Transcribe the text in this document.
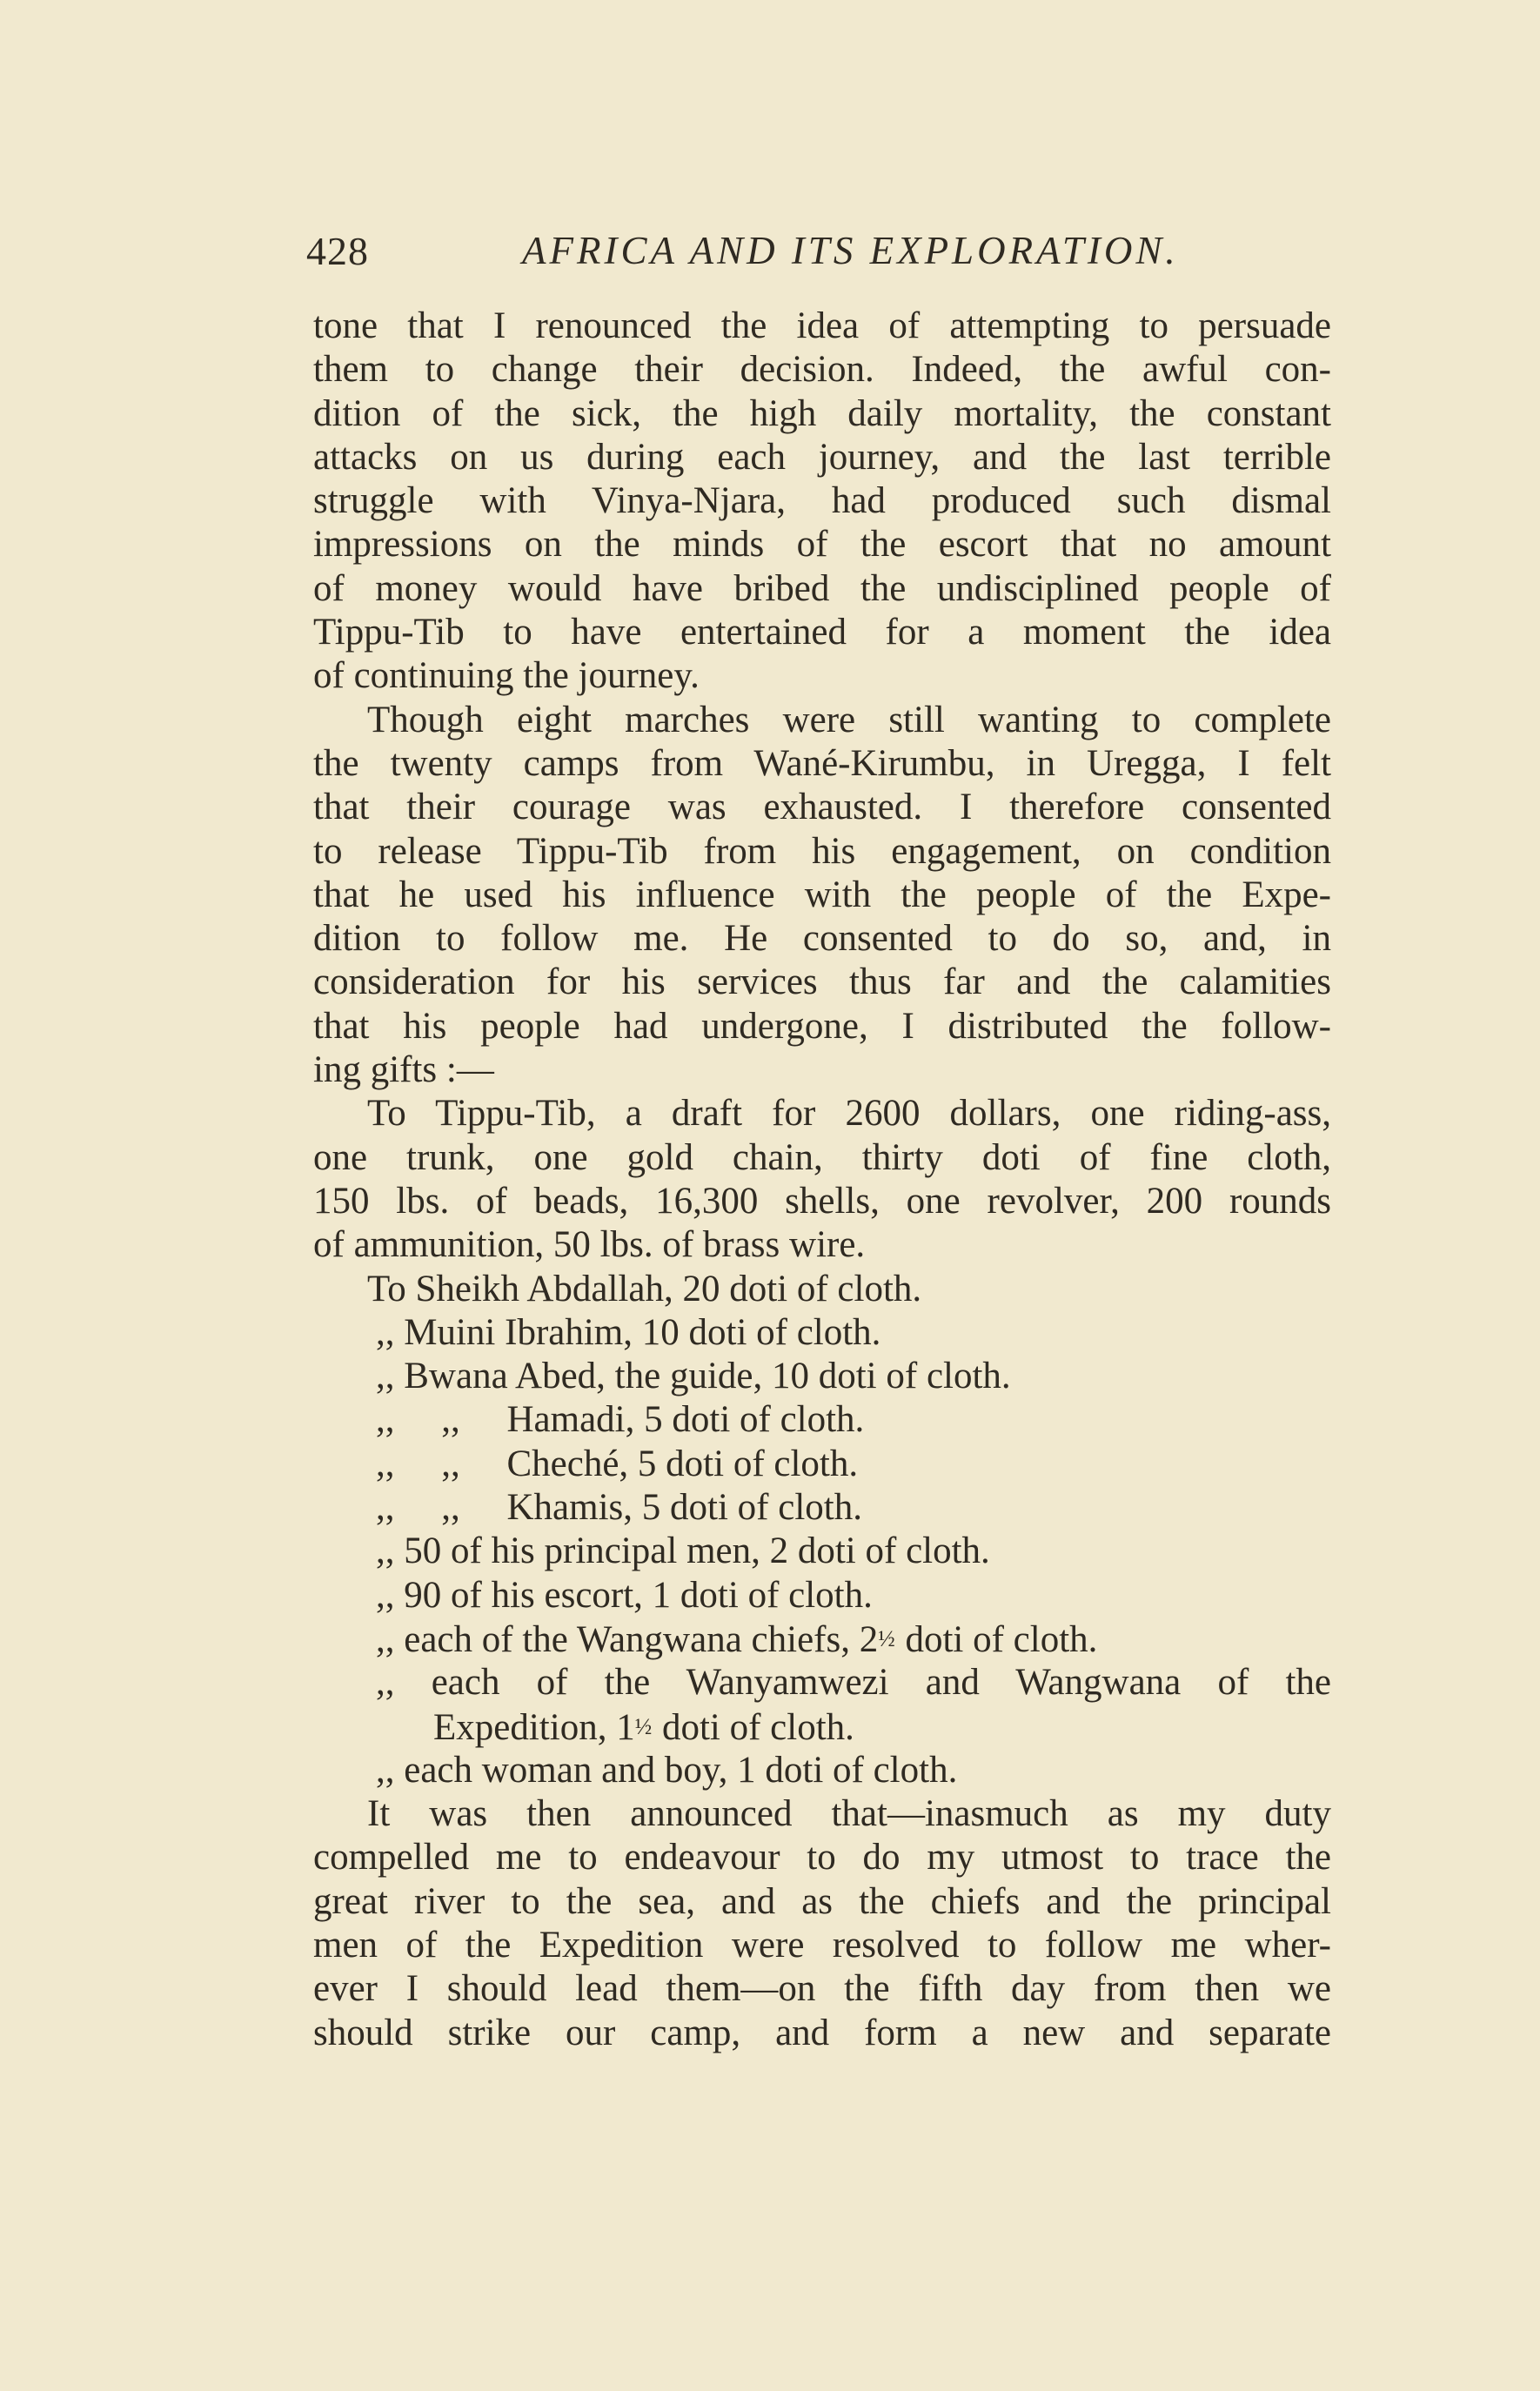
428	AFRICA AND ITS EXPLORATION.
tone that I renounced the idea of attempting to persuade
them to change their decision. Indeed, the awful con-
dition of the sick, the high daily mortality, the constant
attacks on us during each journey, and the last terrible
struggle with Vinya-Njara, had produced such dismal
impressions on the minds of the escort that no amount
of money would have bribed the undisciplined people of
Tippu-Tib to have entertained for a moment the idea
of continuing the journey.
Though eight marches were still wanting to complete
the twenty camps from Wané-Kirumbu, in Uregga, I felt
that their courage was exhausted. I therefore consented
to release Tippu-Tib from his engagement, on condition
that he used his influence with the people of the Expe-
dition to follow me. He consented to do so, and, in
consideration for his services thus far and the calamities
that his people had undergone, I distributed the follow-
ing gifts :—
To Tippu-Tib, a draft for 2600 dollars, one riding-ass,
one trunk, one gold chain, thirty doti of fine cloth,
150 lbs. of beads, 16,300 shells, one revolver, 200 rounds
of ammunition, 50 lbs. of brass wire.
To Sheikh Abdallah, 20 doti of cloth.
,, Muini Ibrahim, 10 doti of cloth.
,, Bwana Abed, the guide, 10 doti of cloth.
,,     ,,     Hamadi, 5 doti of cloth.
,,     ,,     Cheché, 5 doti of cloth.
,,     ,,     Khamis, 5 doti of cloth.
,, 50 of his principal men, 2 doti of cloth.
,, 90 of his escort, 1 doti of cloth.
,, each of the Wangwana chiefs, 2½ doti of cloth.
,, each of the Wanyamwezi and Wangwana of the
Expedition, 1½ doti of cloth.
,, each woman and boy, 1 doti of cloth.
It was then announced that—inasmuch as my duty
compelled me to endeavour to do my utmost to trace the
great river to the sea, and as the chiefs and the principal
men of the Expedition were resolved to follow me wher-
ever I should lead them—on the fifth day from then we
should strike our camp, and form a new and separate
